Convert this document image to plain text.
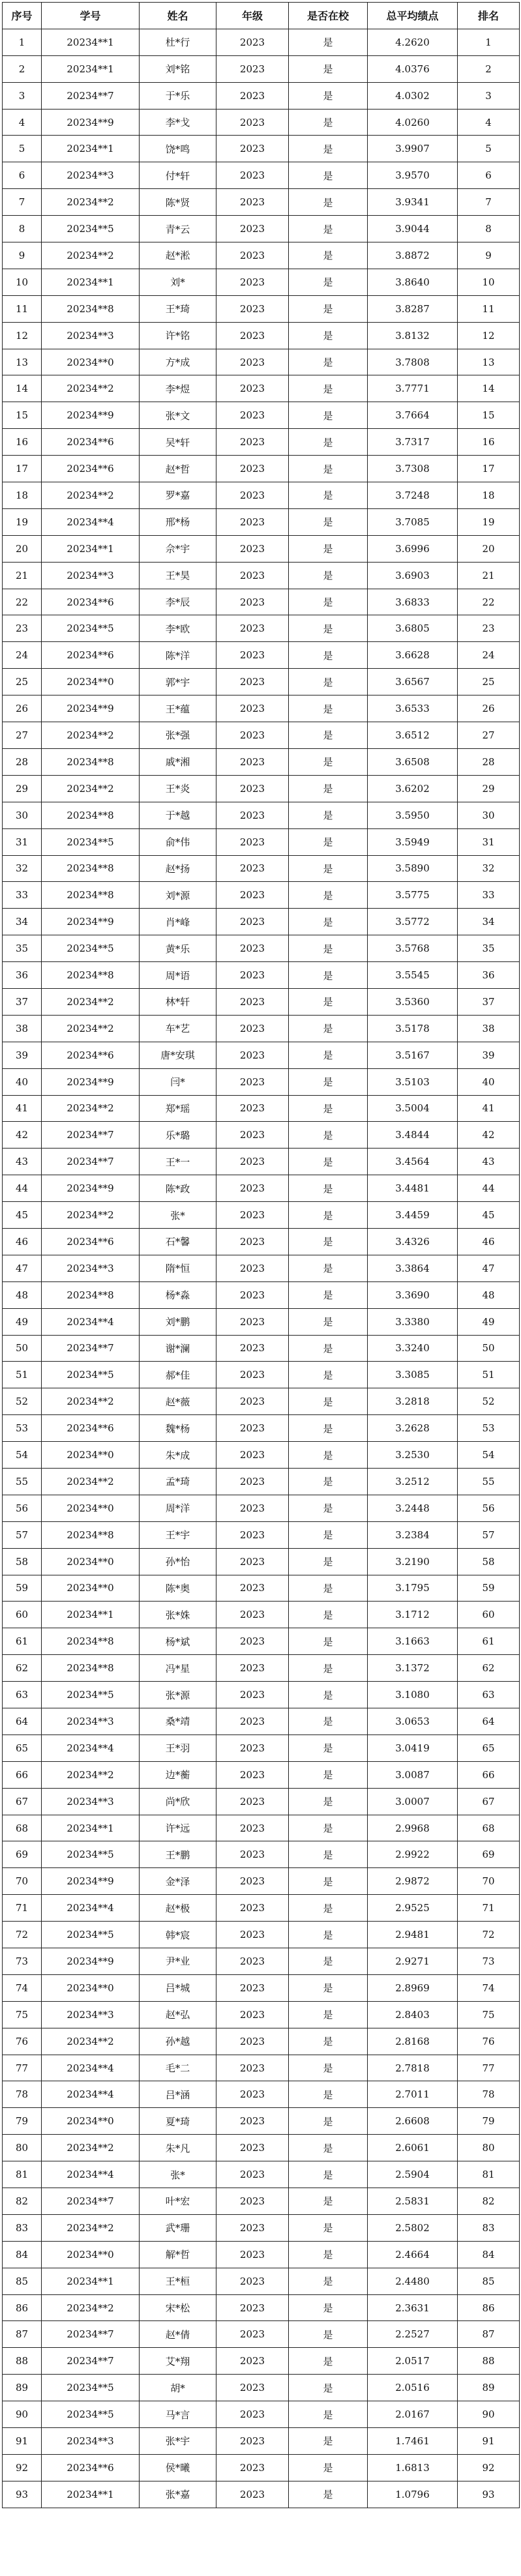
序号	学号	姓名	年级	是否在校	总平均绩点	排名
1	20234**1	杜*行	2023	是	4.2620	1
2	20234**1	刘*铭	2023	是	4.0376	2
3	20234**7	于*乐	2023	是	4.0302	3
4	20234**9	李*戈	2023	是	4.0260	4
5	20234**1	饶*鸣	2023	是	3.9907	5
6	20234**3	付*轩	2023	是	3.9570	6
7	20234**2	陈*贤	2023	是	3.9341	7
8	20234**5	青*云	2023	是	3.9044	8
9	20234**2	赵*淞	2023	是	3.8872	9
10	20234**1	刘*	2023	是	3.8640	10
11	20234**8	王*琦	2023	是	3.8287	11
12	20234**3	许*铭	2023	是	3.8132	12
13	20234**0	方*成	2023	是	3.7808	13
14	20234**2	李*煜	2023	是	3.7771	14
15	20234**9	张*文	2023	是	3.7664	15
16	20234**6	吴*轩	2023	是	3.7317	16
17	20234**6	赵*哲	2023	是	3.7308	17
18	20234**2	罗*嘉	2023	是	3.7248	18
19	20234**4	邢*杨	2023	是	3.7085	19
20	20234**1	佘*宇	2023	是	3.6996	20
21	20234**3	王*昊	2023	是	3.6903	21
22	20234**6	李*辰	2023	是	3.6833	22
23	20234**5	李*欧	2023	是	3.6805	23
24	20234**6	陈*洋	2023	是	3.6628	24
25	20234**0	郭*宇	2023	是	3.6567	25
26	20234**9	王*蕴	2023	是	3.6533	26
27	20234**2	张*强	2023	是	3.6512	27
28	20234**8	戚*湘	2023	是	3.6508	28
29	20234**2	王*炎	2023	是	3.6202	29
30	20234**8	于*越	2023	是	3.5950	30
31	20234**5	俞*伟	2023	是	3.5949	31
32	20234**8	赵*扬	2023	是	3.5890	32
33	20234**8	刘*源	2023	是	3.5775	33
34	20234**9	肖*峰	2023	是	3.5772	34
35	20234**5	黄*乐	2023	是	3.5768	35
36	20234**8	周*语	2023	是	3.5545	36
37	20234**2	林*轩	2023	是	3.5360	37
38	20234**2	车*艺	2023	是	3.5178	38
39	20234**6	唐*安琪	2023	是	3.5167	39
40	20234**9	闫*	2023	是	3.5103	40
41	20234**2	郑*瑶	2023	是	3.5004	41
42	20234**7	乐*璐	2023	是	3.4844	42
43	20234**7	王*一	2023	是	3.4564	43
44	20234**9	陈*政	2023	是	3.4481	44
45	20234**2	张*	2023	是	3.4459	45
46	20234**6	石*馨	2023	是	3.4326	46
47	20234**3	隋*恒	2023	是	3.3864	47
48	20234**8	杨*淼	2023	是	3.3690	48
49	20234**4	刘*鹏	2023	是	3.3380	49
50	20234**7	谢*澜	2023	是	3.3240	50
51	20234**5	郝*佳	2023	是	3.3085	51
52	20234**2	赵*薇	2023	是	3.2818	52
53	20234**6	魏*杨	2023	是	3.2628	53
54	20234**0	朱*成	2023	是	3.2530	54
55	20234**2	孟*琦	2023	是	3.2512	55
56	20234**0	周*洋	2023	是	3.2448	56
57	20234**8	王*宇	2023	是	3.2384	57
58	20234**0	孙*怡	2023	是	3.2190	58
59	20234**0	陈*奥	2023	是	3.1795	59
60	20234**1	张*姝	2023	是	3.1712	60
61	20234**8	杨*斌	2023	是	3.1663	61
62	20234**8	冯*星	2023	是	3.1372	62
63	20234**5	张*源	2023	是	3.1080	63
64	20234**3	桑*靖	2023	是	3.0653	64
65	20234**4	王*羽	2023	是	3.0419	65
66	20234**2	边*蘅	2023	是	3.0087	66
67	20234**3	尚*欣	2023	是	3.0007	67
68	20234**1	许*远	2023	是	2.9968	68
69	20234**5	王*鹏	2023	是	2.9922	69
70	20234**9	金*泽	2023	是	2.9872	70
71	20234**4	赵*极	2023	是	2.9525	71
72	20234**5	韩*宸	2023	是	2.9481	72
73	20234**9	尹*业	2023	是	2.9271	73
74	20234**0	吕*城	2023	是	2.8969	74
75	20234**3	赵*弘	2023	是	2.8403	75
76	20234**2	孙*越	2023	是	2.8168	76
77	20234**4	毛*二	2023	是	2.7818	77
78	20234**4	吕*涵	2023	是	2.7011	78
79	20234**0	夏*琦	2023	是	2.6608	79
80	20234**2	朱*凡	2023	是	2.6061	80
81	20234**4	张*	2023	是	2.5904	81
82	20234**7	叶*宏	2023	是	2.5831	82
83	20234**2	武*珊	2023	是	2.5802	83
84	20234**0	解*哲	2023	是	2.4664	84
85	20234**1	王*桓	2023	是	2.4480	85
86	20234**2	宋*松	2023	是	2.3631	86
87	20234**7	赵*倩	2023	是	2.2527	87
88	20234**7	艾*翔	2023	是	2.0517	88
89	20234**5	胡*	2023	是	2.0516	89
90	20234**5	马*言	2023	是	2.0167	90
91	20234**3	张*宇	2023	是	1.7461	91
92	20234**6	侯*曦	2023	是	1.6813	92
93	20234**1	张*嘉	2023	是	1.0796	93
